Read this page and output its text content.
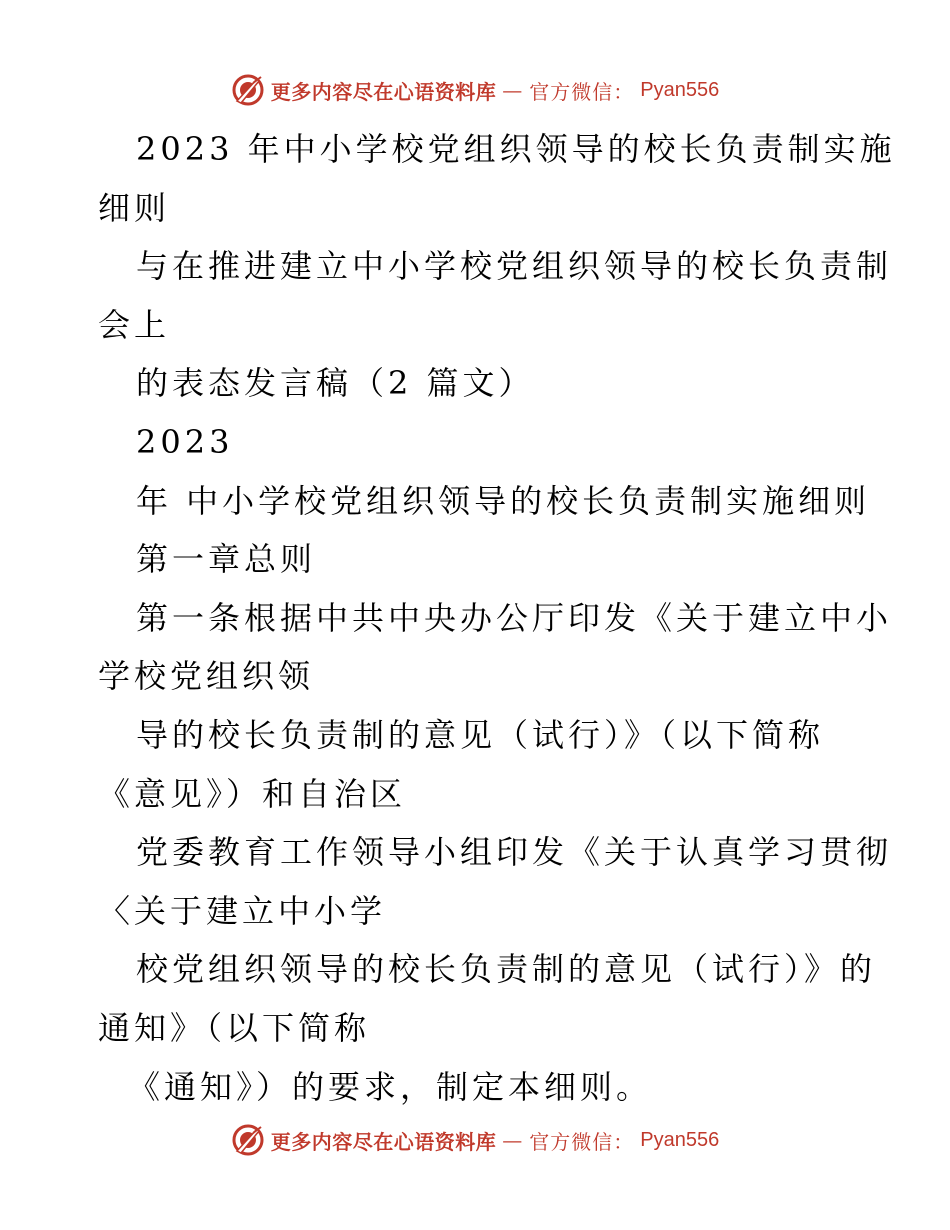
更多内容尽在心语资料库 — 官方微信： Pyan556
2023 年中小学校党组织领导的校长负责制实施
细则
与在推进建立中小学校党组织领导的校长负责制
会上
的表态发言稿（2 篇文）
2023
年 中小学校党组织领导的校长负责制实施细则
第一章总则
第一条根据中共中央办公厅印发《关于建立中小
学校党组织领
导的校长负责制的意见（试行）》（以下简称
《意见》）和自治区
党委教育工作领导小组印发《关于认真学习贯彻
〈关于建立中小学
校党组织领导的校长负责制的意见（试行）》的
通知》（以下简称
《通知》）的要求，制定本细则。
更多内容尽在心语资料库 — 官方微信： Pyan556
